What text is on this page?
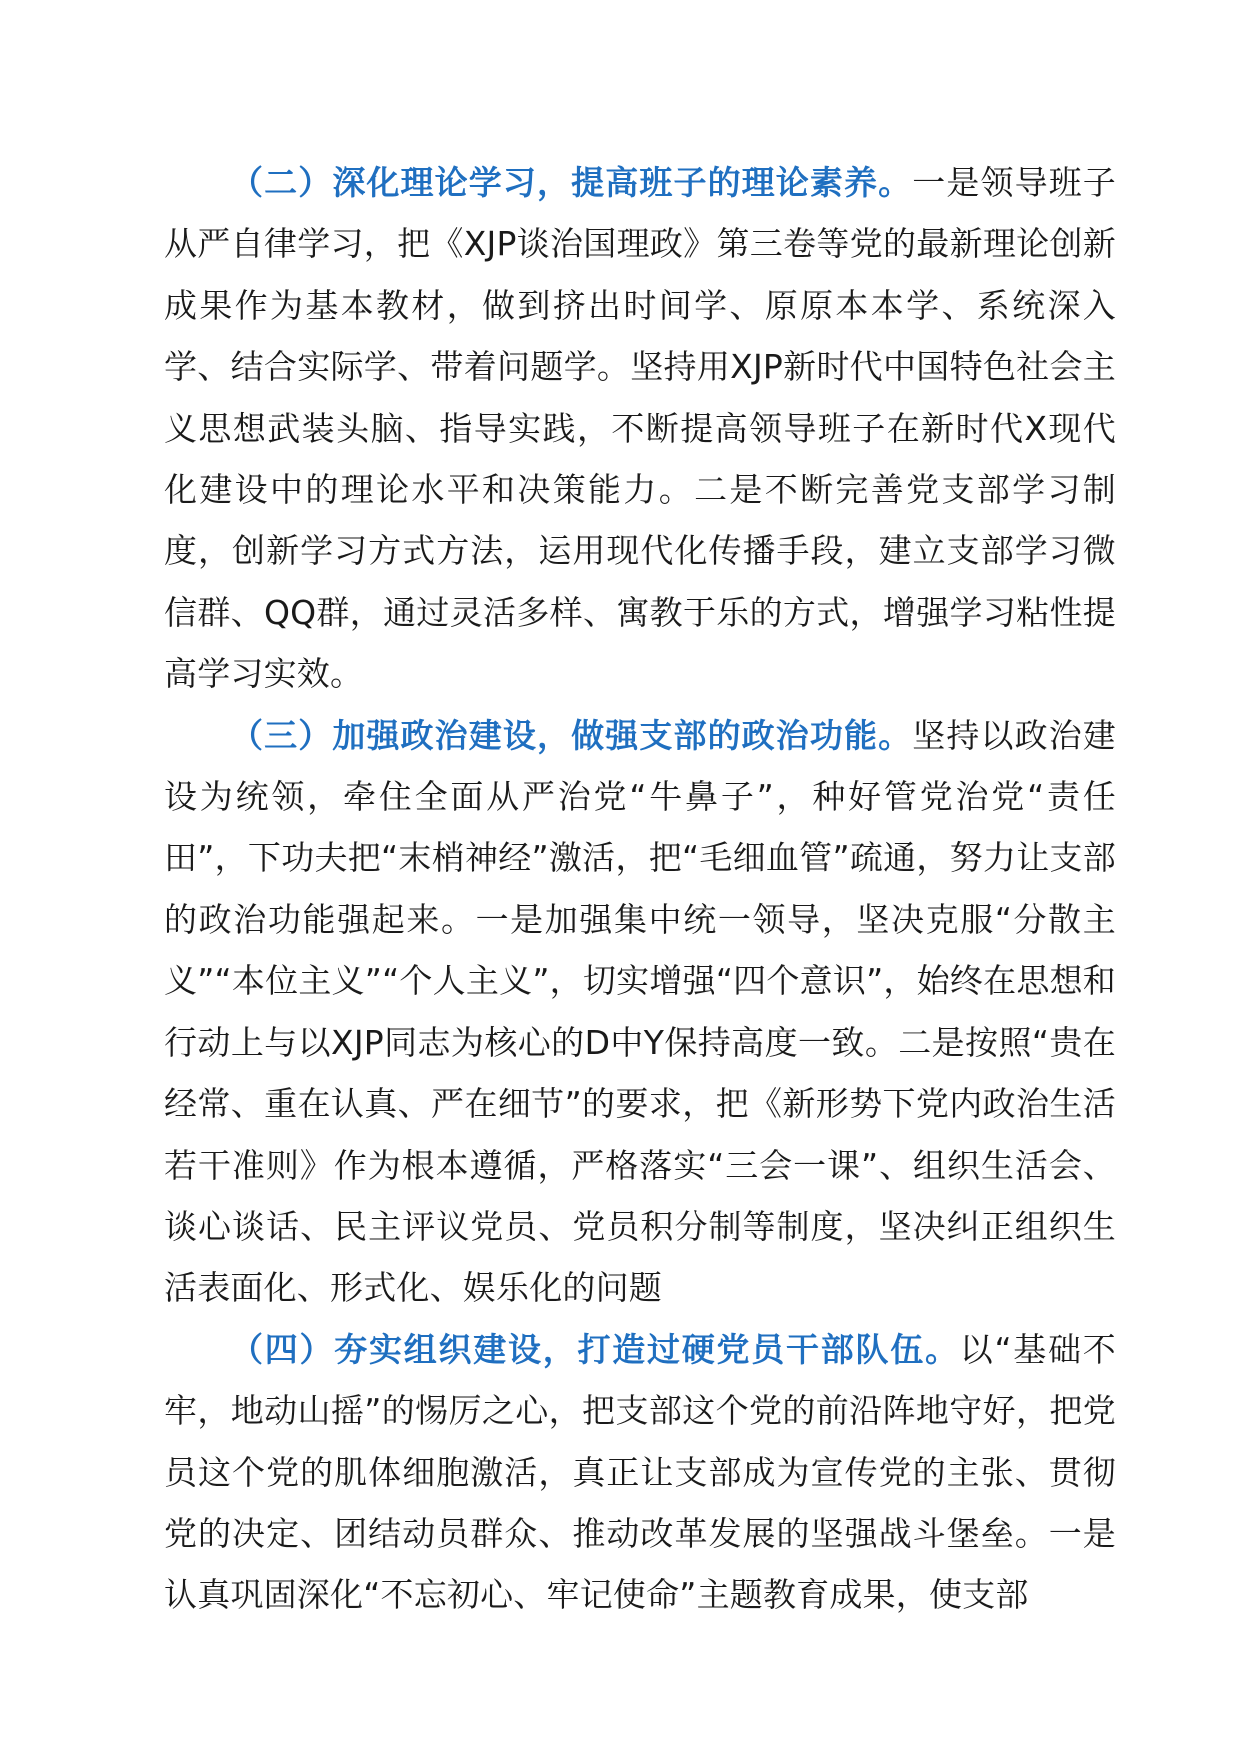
（二）深化理论学习，提高班子的理论素养。一是领导班子从严自律学习，把《XJP谈治国理政》第三卷等党的最新理论创新成果作为基本教材，做到挤出时间学、原原本本学、系统深入学、结合实际学、带着问题学。坚持用XJP新时代中国特色社会主义思想武装头脑、指导实践，不断提高领导班子在新时代X现代化建设中的理论水平和决策能力。二是不断完善党支部学习制度，创新学习方式方法，运用现代化传播手段，建立支部学习微信群、QQ群，通过灵活多样、寓教于乐的方式，增强学习粘性提高学习实效。

（三）加强政治建设，做强支部的政治功能。坚持以政治建设为统领，牵住全面从严治党“牛鼻子”，种好管党治党“责任田”，下功夫把“末梢神经”激活，把“毛细血管”疏通，努力让支部的政治功能强起来。一是加强集中统一领导，坚决克服“分散主义”“本位主义”“个人主义”，切实增强“四个意识”，始终在思想和行动上与以XJP同志为核心的D中Y保持高度一致。二是按照“贵在经常、重在认真、严在细节”的要求，把《新形势下党内政治生活若干准则》作为根本遵循，严格落实“三会一课”、组织生活会、谈心谈话、民主评议党员、党员积分制等制度，坚决纠正组织生活表面化、形式化、娱乐化的问题

（四）夯实组织建设，打造过硬党员干部队伍。以“基础不牢，地动山摇”的惕厉之心，把支部这个党的前沿阵地守好，把党员这个党的肌体细胞激活，真正让支部成为宣传党的主张、贯彻党的决定、团结动员群众、推动改革发展的坚强战斗堡垒。一是认真巩固深化“不忘初心、牢记使命”主题教育成果，使支部
